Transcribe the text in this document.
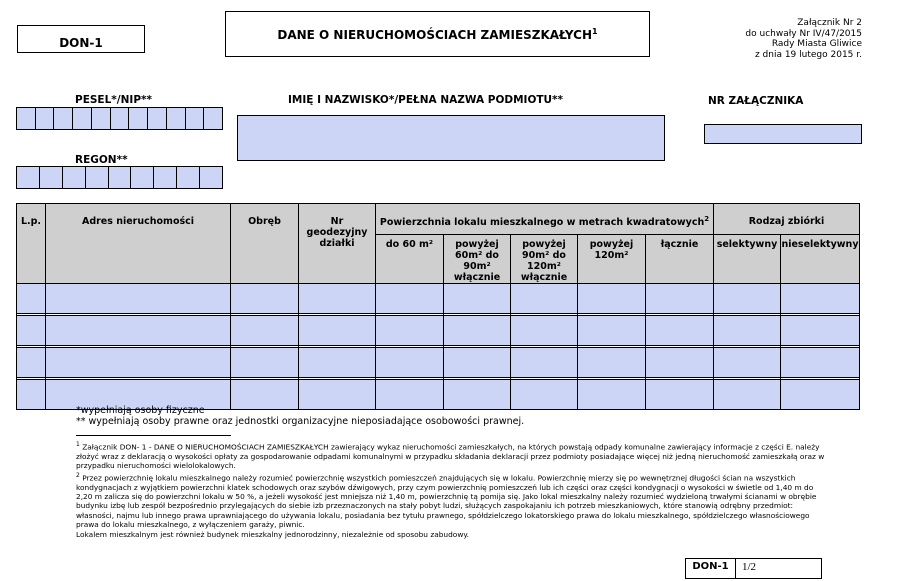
DON-1
DANE O NIERUCHOMOŚCIACH ZAMIESZKAŁYCH$^1$
Załącznik Nr 2
do uchwały Nr IV/47/2015
Rady Miasta Gliwice
z dnia 19 lutego 2015 r.
PESEL*/NIP**	IMIĘ I NAZWISKO*/PEŁNA NAZWA PODMIOTU**	NR ZAŁĄCZNIKA
REGON**
L.p.	Adres nieruchomości	Obręb	Nr geodezyjny działki	Powierzchnia lokalu mieszkalnego w metrach kwadratowych$^2$					Rodzaj zbiórki	
				do 60 m²	powyżej 60m² do 90m² włącznie	powyżej 90m² do 120m² włącznie	powyżej 120m²	łącznie	selektywny	nieselektywny

*wypełniają osoby fizyczne
** wypełniają osoby prawne oraz jednostki organizacyjne nieposiadające osobowości prawnej.
$^1$ Załącznik DON- 1 - DANE O NIERUCHOMOŚCIACH ZAMIESZKAŁYCH zawierający wykaz nieruchomości zamieszkałych, na których powstają odpady komunalne zawierający informacje z części E. należy złożyć wraz z deklaracją o wysokości opłaty za gospodarowanie odpadami komunalnymi w przypadku składania deklaracji przez podmioty posiadające więcej niż jedną nieruchomość zamieszkałą oraz w przypadku nieruchomości wielolokalowych.
$^2$ Przez powierzchnię lokalu mieszkalnego należy rozumieć powierzchnię wszystkich pomieszczeń znajdujących się w lokalu. Powierzchnię mierzy się po wewnętrznej długości ścian na wszystkich kondygnacjach z wyjątkiem powierzchni klatek schodowych oraz szybów dźwigowych, przy czym powierzchnię pomieszczeń lub ich części oraz części kondygnacji o wysokości w świetle od 1,40 m do 2,20 m zalicza się do powierzchni lokalu w 50 %, a jeżeli wysokość jest mniejsza niż 1,40 m, powierzchnię tą pomija się. Jako lokal mieszkalny należy rozumieć wydzieloną trwałymi ścianami w obrębie budynku izbę lub zespół bezpośrednio przylegających do siebie izb przeznaczonych na stały pobyt ludzi, służących zaspokajaniu ich potrzeb mieszkaniowych, które stanowią odrębny przedmiot: własności, najmu lub innego prawa uprawniającego do używania lokalu, posiadania bez tytułu prawnego, spółdzielczego lokatorskiego prawa do lokalu mieszkalnego, spółdzielczego własnościowego prawa do lokalu mieszkalnego, z wyłączeniem garaży, piwnic.
Lokalem mieszkalnym jest również budynek mieszkalny jednorodzinny, niezależnie od sposobu zabudowy.
DON-1	1/2
